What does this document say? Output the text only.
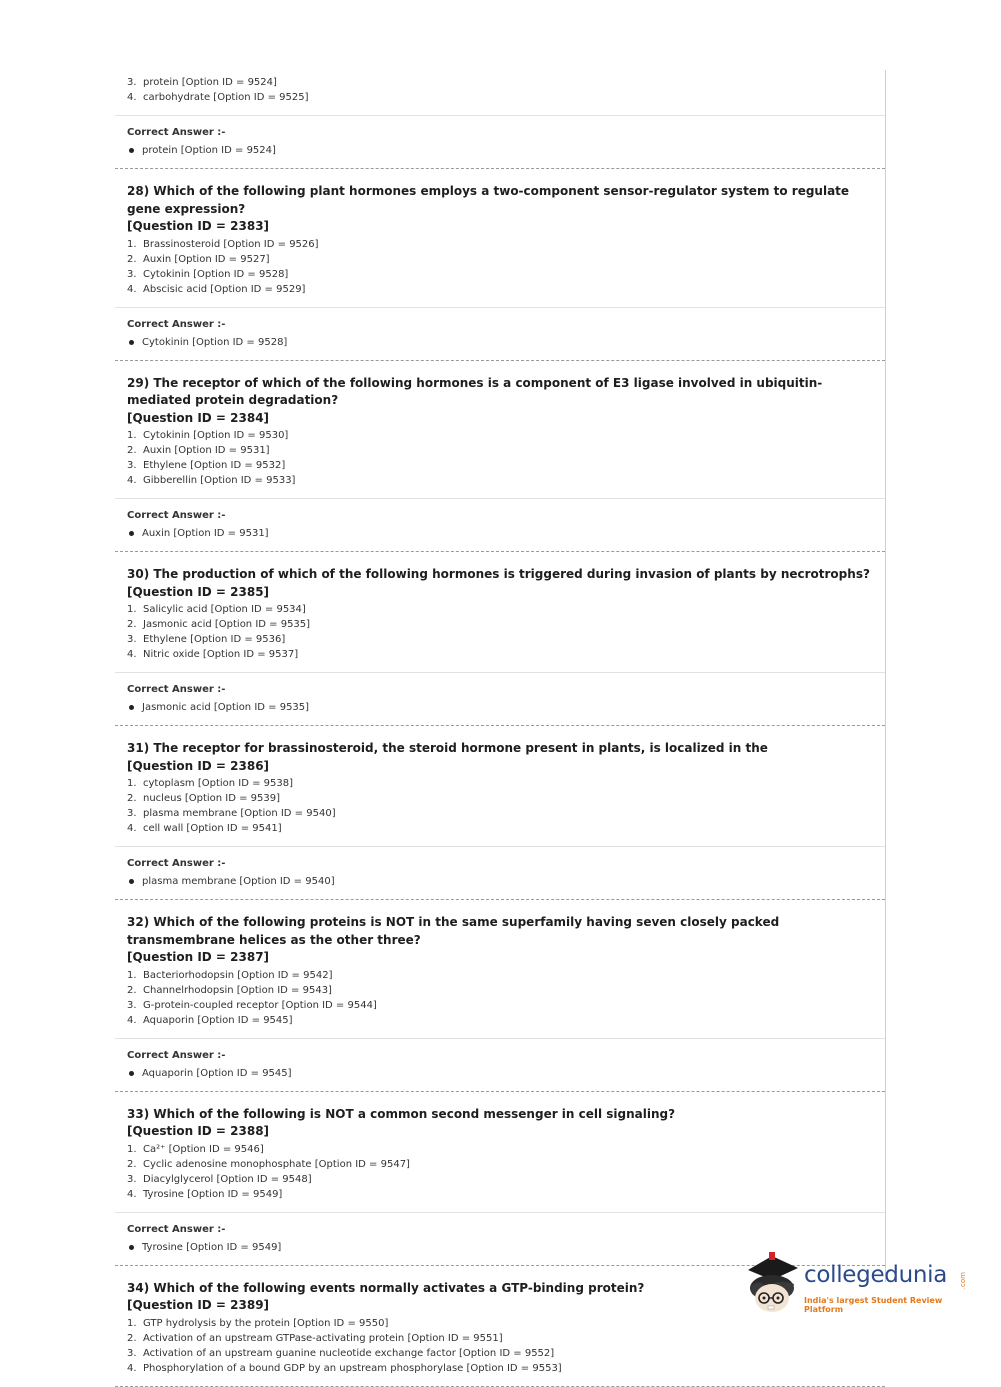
3. protein [Option ID = 9524]
4. carbohydrate [Option ID = 9525]
Correct Answer :-
protein [Option ID = 9524]
28) Which of the following plant hormones employs a two-component sensor-regulator system to regulate gene expression?
[Question ID = 2383]
1. Brassinosteroid [Option ID = 9526]
2. Auxin [Option ID = 9527]
3. Cytokinin [Option ID = 9528]
4. Abscisic acid [Option ID = 9529]
Correct Answer :-
Cytokinin [Option ID = 9528]
29) The receptor of which of the following hormones is a component of E3 ligase involved in ubiquitin-mediated protein degradation?
[Question ID = 2384]
1. Cytokinin [Option ID = 9530]
2. Auxin [Option ID = 9531]
3. Ethylene [Option ID = 9532]
4. Gibberellin [Option ID = 9533]
Correct Answer :-
Auxin [Option ID = 9531]
30) The production of which of the following hormones is triggered during invasion of plants by necrotrophs?
[Question ID = 2385]
1. Salicylic acid [Option ID = 9534]
2. Jasmonic acid [Option ID = 9535]
3. Ethylene [Option ID = 9536]
4. Nitric oxide [Option ID = 9537]
Correct Answer :-
Jasmonic acid [Option ID = 9535]
31) The receptor for brassinosteroid, the steroid hormone present in plants, is localized in the
[Question ID = 2386]
1. cytoplasm [Option ID = 9538]
2. nucleus [Option ID = 9539]
3. plasma membrane [Option ID = 9540]
4. cell wall [Option ID = 9541]
Correct Answer :-
plasma membrane [Option ID = 9540]
32) Which of the following proteins is NOT in the same superfamily having seven closely packed transmembrane helices as the other three?
[Question ID = 2387]
1. Bacteriorhodopsin [Option ID = 9542]
2. Channelrhodopsin [Option ID = 9543]
3. G-protein-coupled receptor [Option ID = 9544]
4. Aquaporin [Option ID = 9545]
Correct Answer :-
Aquaporin [Option ID = 9545]
33) Which of the following is NOT a common second messenger in cell signaling?
[Question ID = 2388]
1. Ca²⁺ [Option ID = 9546]
2. Cyclic adenosine monophosphate [Option ID = 9547]
3. Diacylglycerol [Option ID = 9548]
4. Tyrosine [Option ID = 9549]
Correct Answer :-
Tyrosine [Option ID = 9549]
34) Which of the following events normally activates a GTP-binding protein?
[Question ID = 2389]
1. GTP hydrolysis by the protein [Option ID = 9550]
2. Activation of an upstream GTPase-activating protein [Option ID = 9551]
3. Activation of an upstream guanine nucleotide exchange factor [Option ID = 9552]
4. Phosphorylation of a bound GDP by an upstream phosphorylase [Option ID = 9553]
collegedunia .com
India's largest Student Review Platform
